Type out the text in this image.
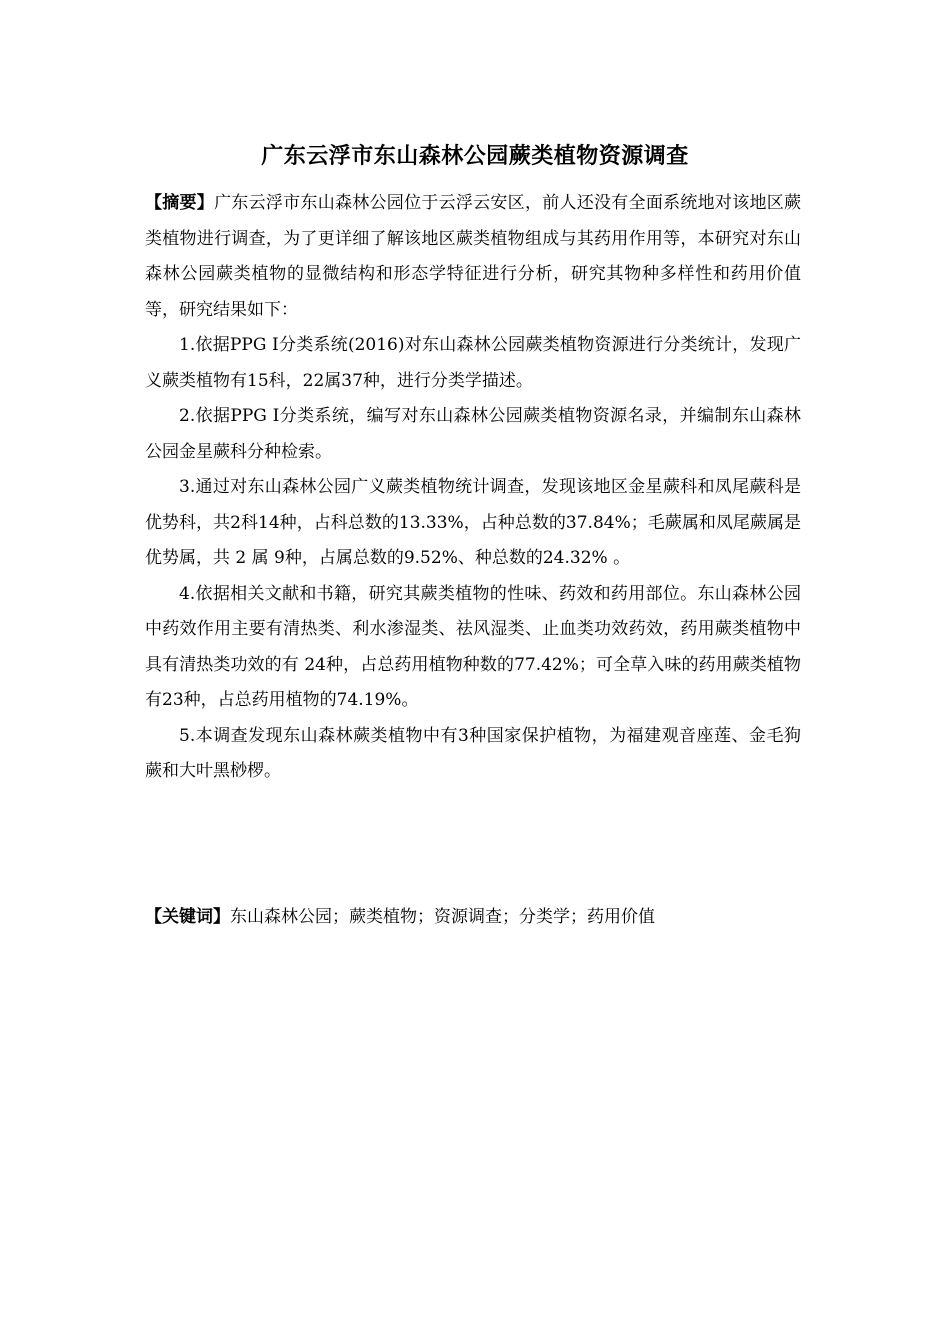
广东云浮市东山森林公园蕨类植物资源调查

【摘要】广东云浮市东山森林公园位于云浮云安区，前人还没有全面系统地对该地区蕨类植物进行调查，为了更详细了解该地区蕨类植物组成与其药用作用等，本研究对东山森林公园蕨类植物的显微结构和形态学特征进行分析，研究其物种多样性和药用价值等，研究结果如下：

1.依据PPG Ⅰ分类系统(2016)对东山森林公园蕨类植物资源进行分类统计，发现广义蕨类植物有15科，22属37种，进行分类学描述。

2.依据PPG Ⅰ分类系统，编写对东山森林公园蕨类植物资源名录，并编制东山森林公园金星蕨科分种检索。

3.通过对东山森林公园广义蕨类植物统计调查，发现该地区金星蕨科和凤尾蕨科是优势科，共2科14种，占科总数的13.33%，占种总数的37.84%；毛蕨属和凤尾蕨属是优势属，共 2 属 9种，占属总数的9.52%、种总数的24.32% 。

4.依据相关文献和书籍，研究其蕨类植物的性味、药效和药用部位。东山森林公园中药效作用主要有清热类、利水渗湿类、祛风湿类、止血类功效药效，药用蕨类植物中具有清热类功效的有 24种，占总药用植物种数的77.42%；可全草入味的药用蕨类植物有23种，占总药用植物的74.19%。

5.本调查发现东山森林蕨类植物中有3种国家保护植物，为福建观音座莲、金毛狗蕨和大叶黑桫椤。

【关键词】东山森林公园；蕨类植物；资源调查；分类学；药用价值
